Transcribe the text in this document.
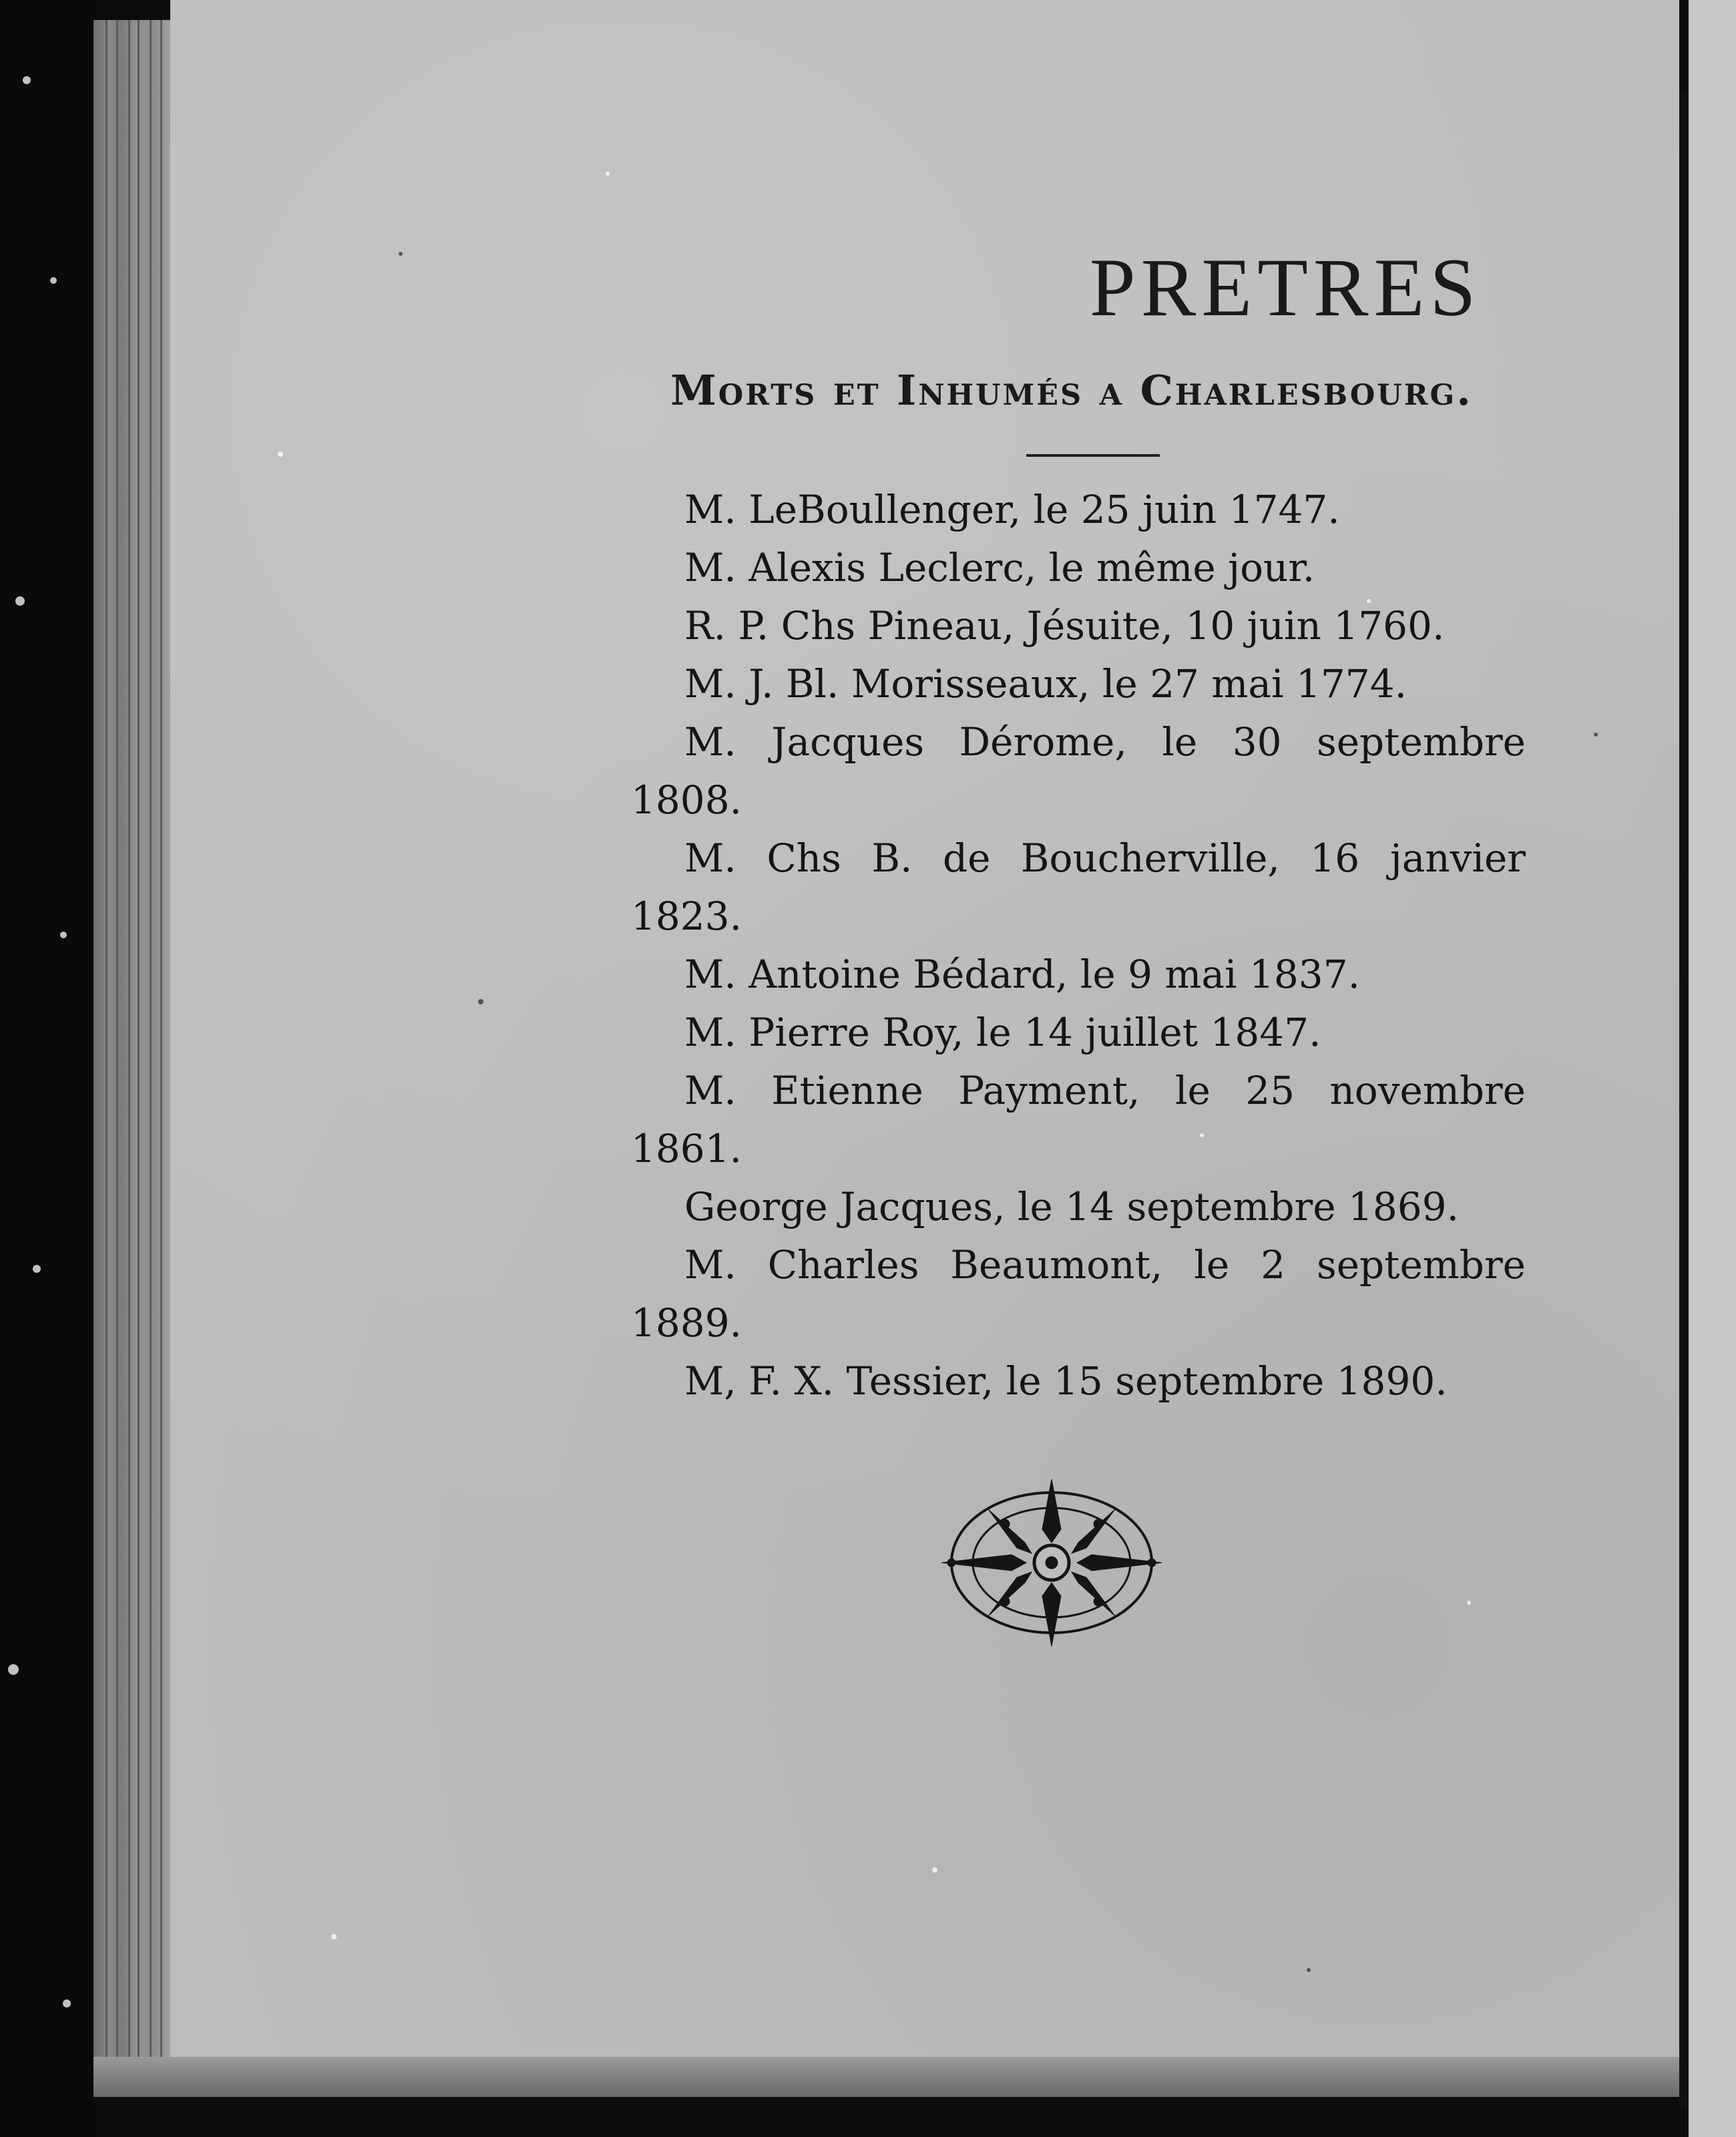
PRETRES
Morts et Inhumés a Charlesbourg.
M. LeBoullenger, le 25 juin 1747.
M. Alexis Leclerc, le même jour.
R. P. Chs Pineau, Jésuite, 10 juin 1760.
M. J. Bl. Morisseaux, le 27 mai 1774.
M. Jacques Dérome, le 30 septembre 1808.
M. Chs B. de Boucherville, 16 janvier 1823.
M. Antoine Bédard, le 9 mai 1837.
M. Pierre Roy, le 14 juillet 1847.
M. Etienne Payment, le 25 novembre 1861.
George Jacques, le 14 septembre 1869.
M. Charles Beaumont, le 2 septembre 1889.
M, F. X. Tessier, le 15 septembre 1890.
